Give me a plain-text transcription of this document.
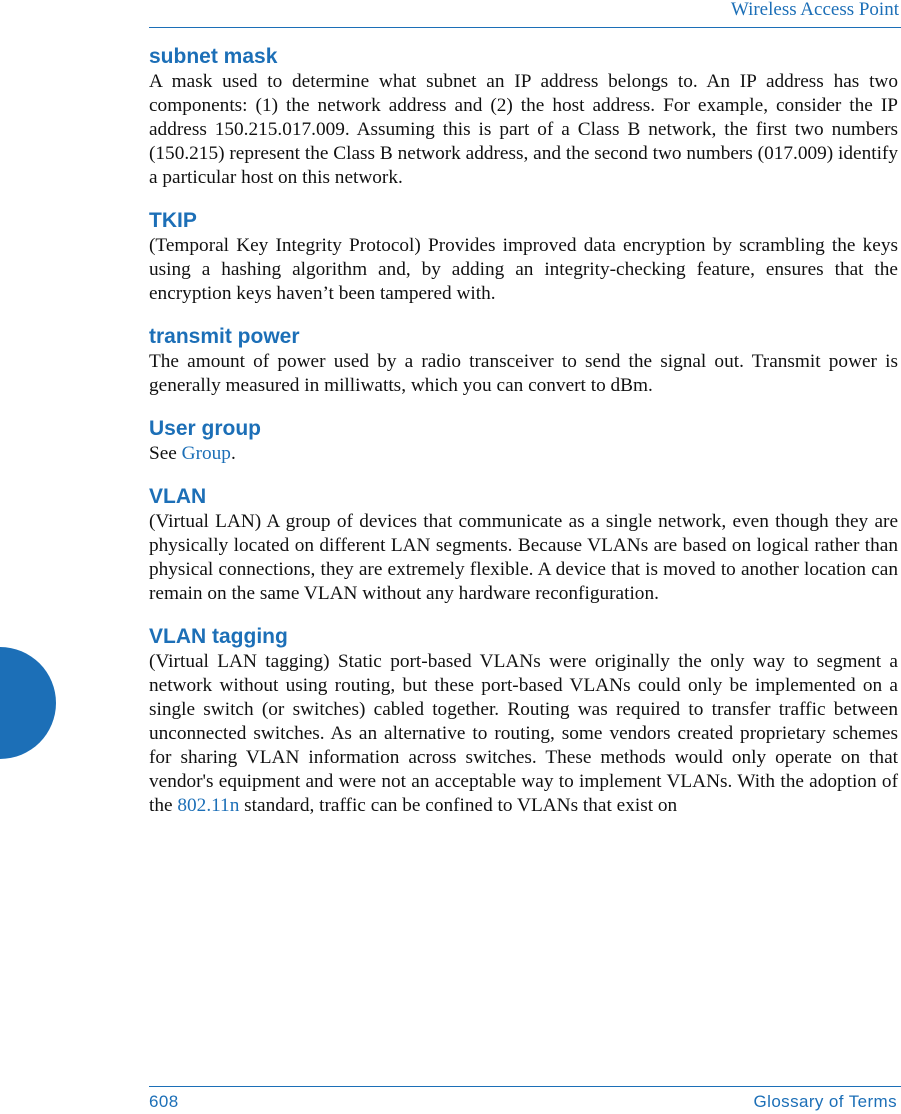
Wireless Access Point
subnet mask

A mask used to determine what subnet an IP address belongs to. An IP address has two components: (1) the network address and (2) the host address. For example, consider the IP address 150.215.017.009. Assuming this is part of a Class B network, the first two numbers (150.215) represent the Class B network address, and the second two numbers (017.009) identify a particular host on this network.

TKIP

(Temporal Key Integrity Protocol) Provides improved data encryption by scrambling the keys using a hashing algorithm and, by adding an integrity-checking feature, ensures that the encryption keys haven’t been tampered with.

transmit power

The amount of power used by a radio transceiver to send the signal out. Transmit power is generally measured in milliwatts, which you can convert to dBm.

User group

See Group.

VLAN

(Virtual LAN) A group of devices that communicate as a single network, even though they are physically located on different LAN segments. Because VLANs are based on logical rather than physical connections, they are extremely flexible. A device that is moved to another location can remain on the same VLAN without any hardware reconfiguration.

VLAN tagging

(Virtual LAN tagging) Static port-based VLANs were originally the only way to segment a network without using routing, but these port-based VLANs could only be implemented on a single switch (or switches) cabled together. Routing was required to transfer traffic between unconnected switches. As an alternative to routing, some vendors created proprietary schemes for sharing VLAN information across switches. These methods would only operate on that vendor's equipment and were not an acceptable way to implement VLANs. With the adoption of the 802.11n standard, traffic can be confined to VLANs that exist on

608	Glossary of Terms
